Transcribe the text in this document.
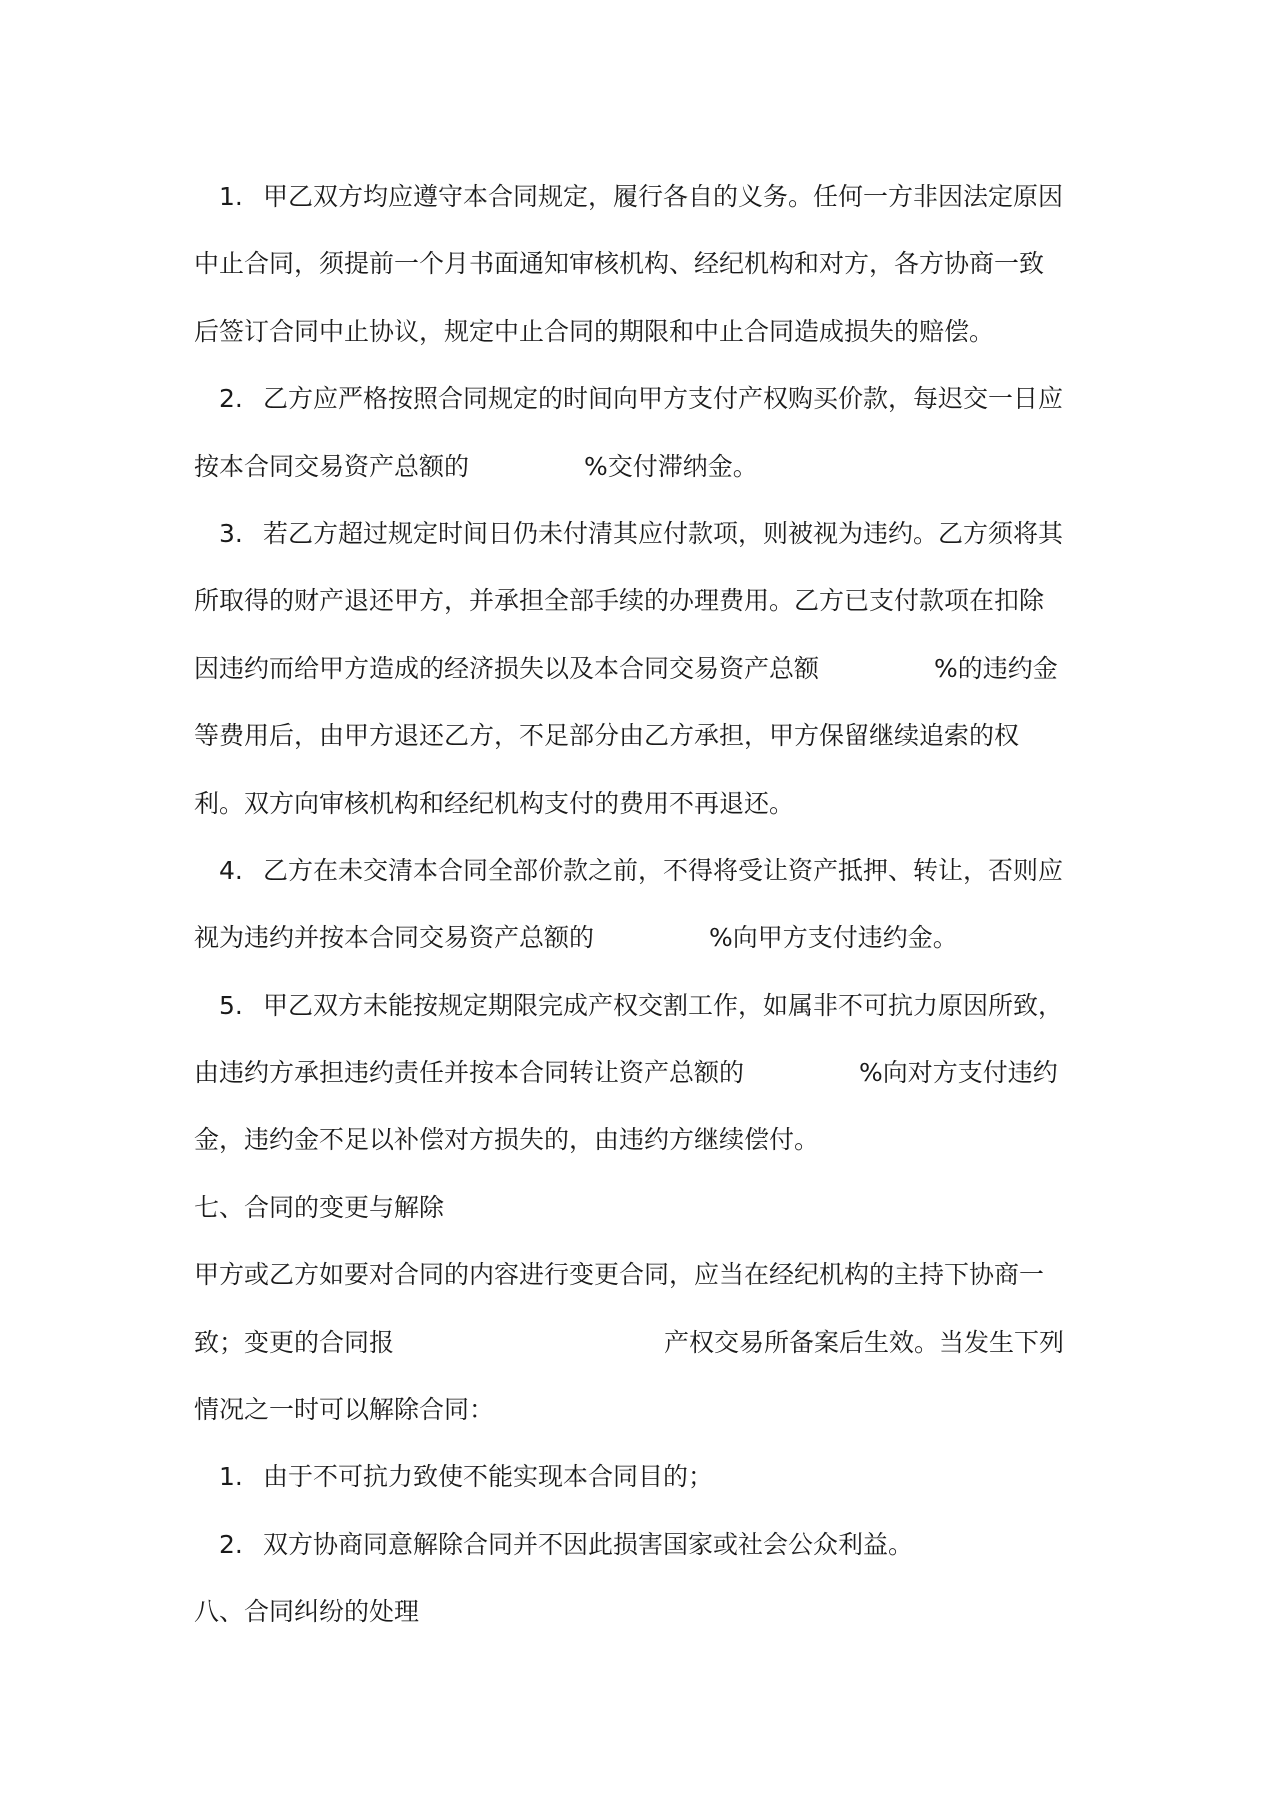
1. 甲乙双方均应遵守本合同规定，履行各自的义务。任何一方非因法定原因
中止合同，须提前一个月书面通知审核机构、经纪机构和对方，各方协商一致
后签订合同中止协议，规定中止合同的期限和中止合同造成损失的赔偿。
2. 乙方应严格按照合同规定的时间向甲方支付产权购买价款，每迟交一日应
按本合同交易资产总额的	%交付滞纳金。
3. 若乙方超过规定时间日仍未付清其应付款项，则被视为违约。乙方须将其
所取得的财产退还甲方，并承担全部手续的办理费用。乙方已支付款项在扣除
因违约而给甲方造成的经济损失以及本合同交易资产总额	%的违约金
等费用后，由甲方退还乙方，不足部分由乙方承担，甲方保留继续追索的权
利。双方向审核机构和经纪机构支付的费用不再退还。
4. 乙方在未交清本合同全部价款之前，不得将受让资产抵押、转让，否则应
视为违约并按本合同交易资产总额的	%向甲方支付违约金。
5. 甲乙双方未能按规定期限完成产权交割工作，如属非不可抗力原因所致，
由违约方承担违约责任并按本合同转让资产总额的	%向对方支付违约
金，违约金不足以补偿对方损失的，由违约方继续偿付。
七、合同的变更与解除
甲方或乙方如要对合同的内容进行变更合同，应当在经纪机构的主持下协商一
致；变更的合同报	产权交易所备案后生效。当发生下列
情况之一时可以解除合同：
1. 由于不可抗力致使不能实现本合同目的；
2. 双方协商同意解除合同并不因此损害国家或社会公众利益。
八、合同纠纷的处理
